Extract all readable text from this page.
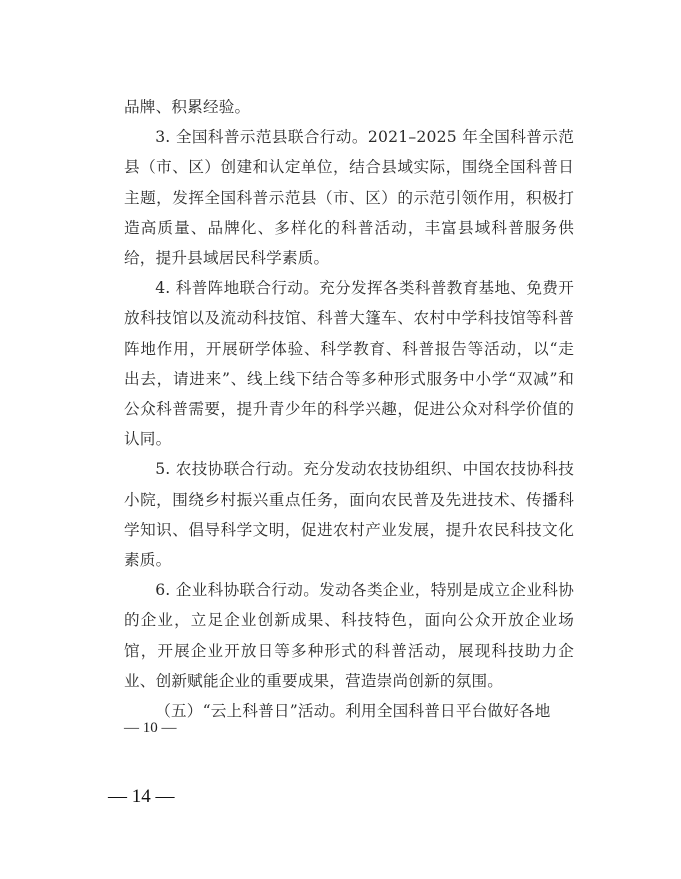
品牌、积累经验。

3. 全国科普示范县联合行动。2021–2025 年全国科普示范县（市、区）创建和认定单位，结合县域实际，围绕全国科普日主题，发挥全国科普示范县（市、区）的示范引领作用，积极打造高质量、品牌化、多样化的科普活动，丰富县域科普服务供给，提升县域居民科学素质。

4. 科普阵地联合行动。充分发挥各类科普教育基地、免费开放科技馆以及流动科技馆、科普大篷车、农村中学科技馆等科普阵地作用，开展研学体验、科学教育、科普报告等活动，以“走出去，请进来”、线上线下结合等多种形式服务中小学“双减”和公众科普需要，提升青少年的科学兴趣，促进公众对科学价值的认同。

5. 农技协联合行动。充分发动农技协组织、中国农技协科技小院，围绕乡村振兴重点任务，面向农民普及先进技术、传播科学知识、倡导科学文明，促进农村产业发展，提升农民科技文化素质。

6. 企业科协联合行动。发动各类企业，特别是成立企业科协的企业，立足企业创新成果、科技特色，面向公众开放企业场馆，开展企业开放日等多种形式的科普活动，展现科技助力企业、创新赋能企业的重要成果，营造崇尚创新的氛围。

（五）“云上科普日”活动。利用全国科普日平台做好各地

— 10 —
— 14 —
